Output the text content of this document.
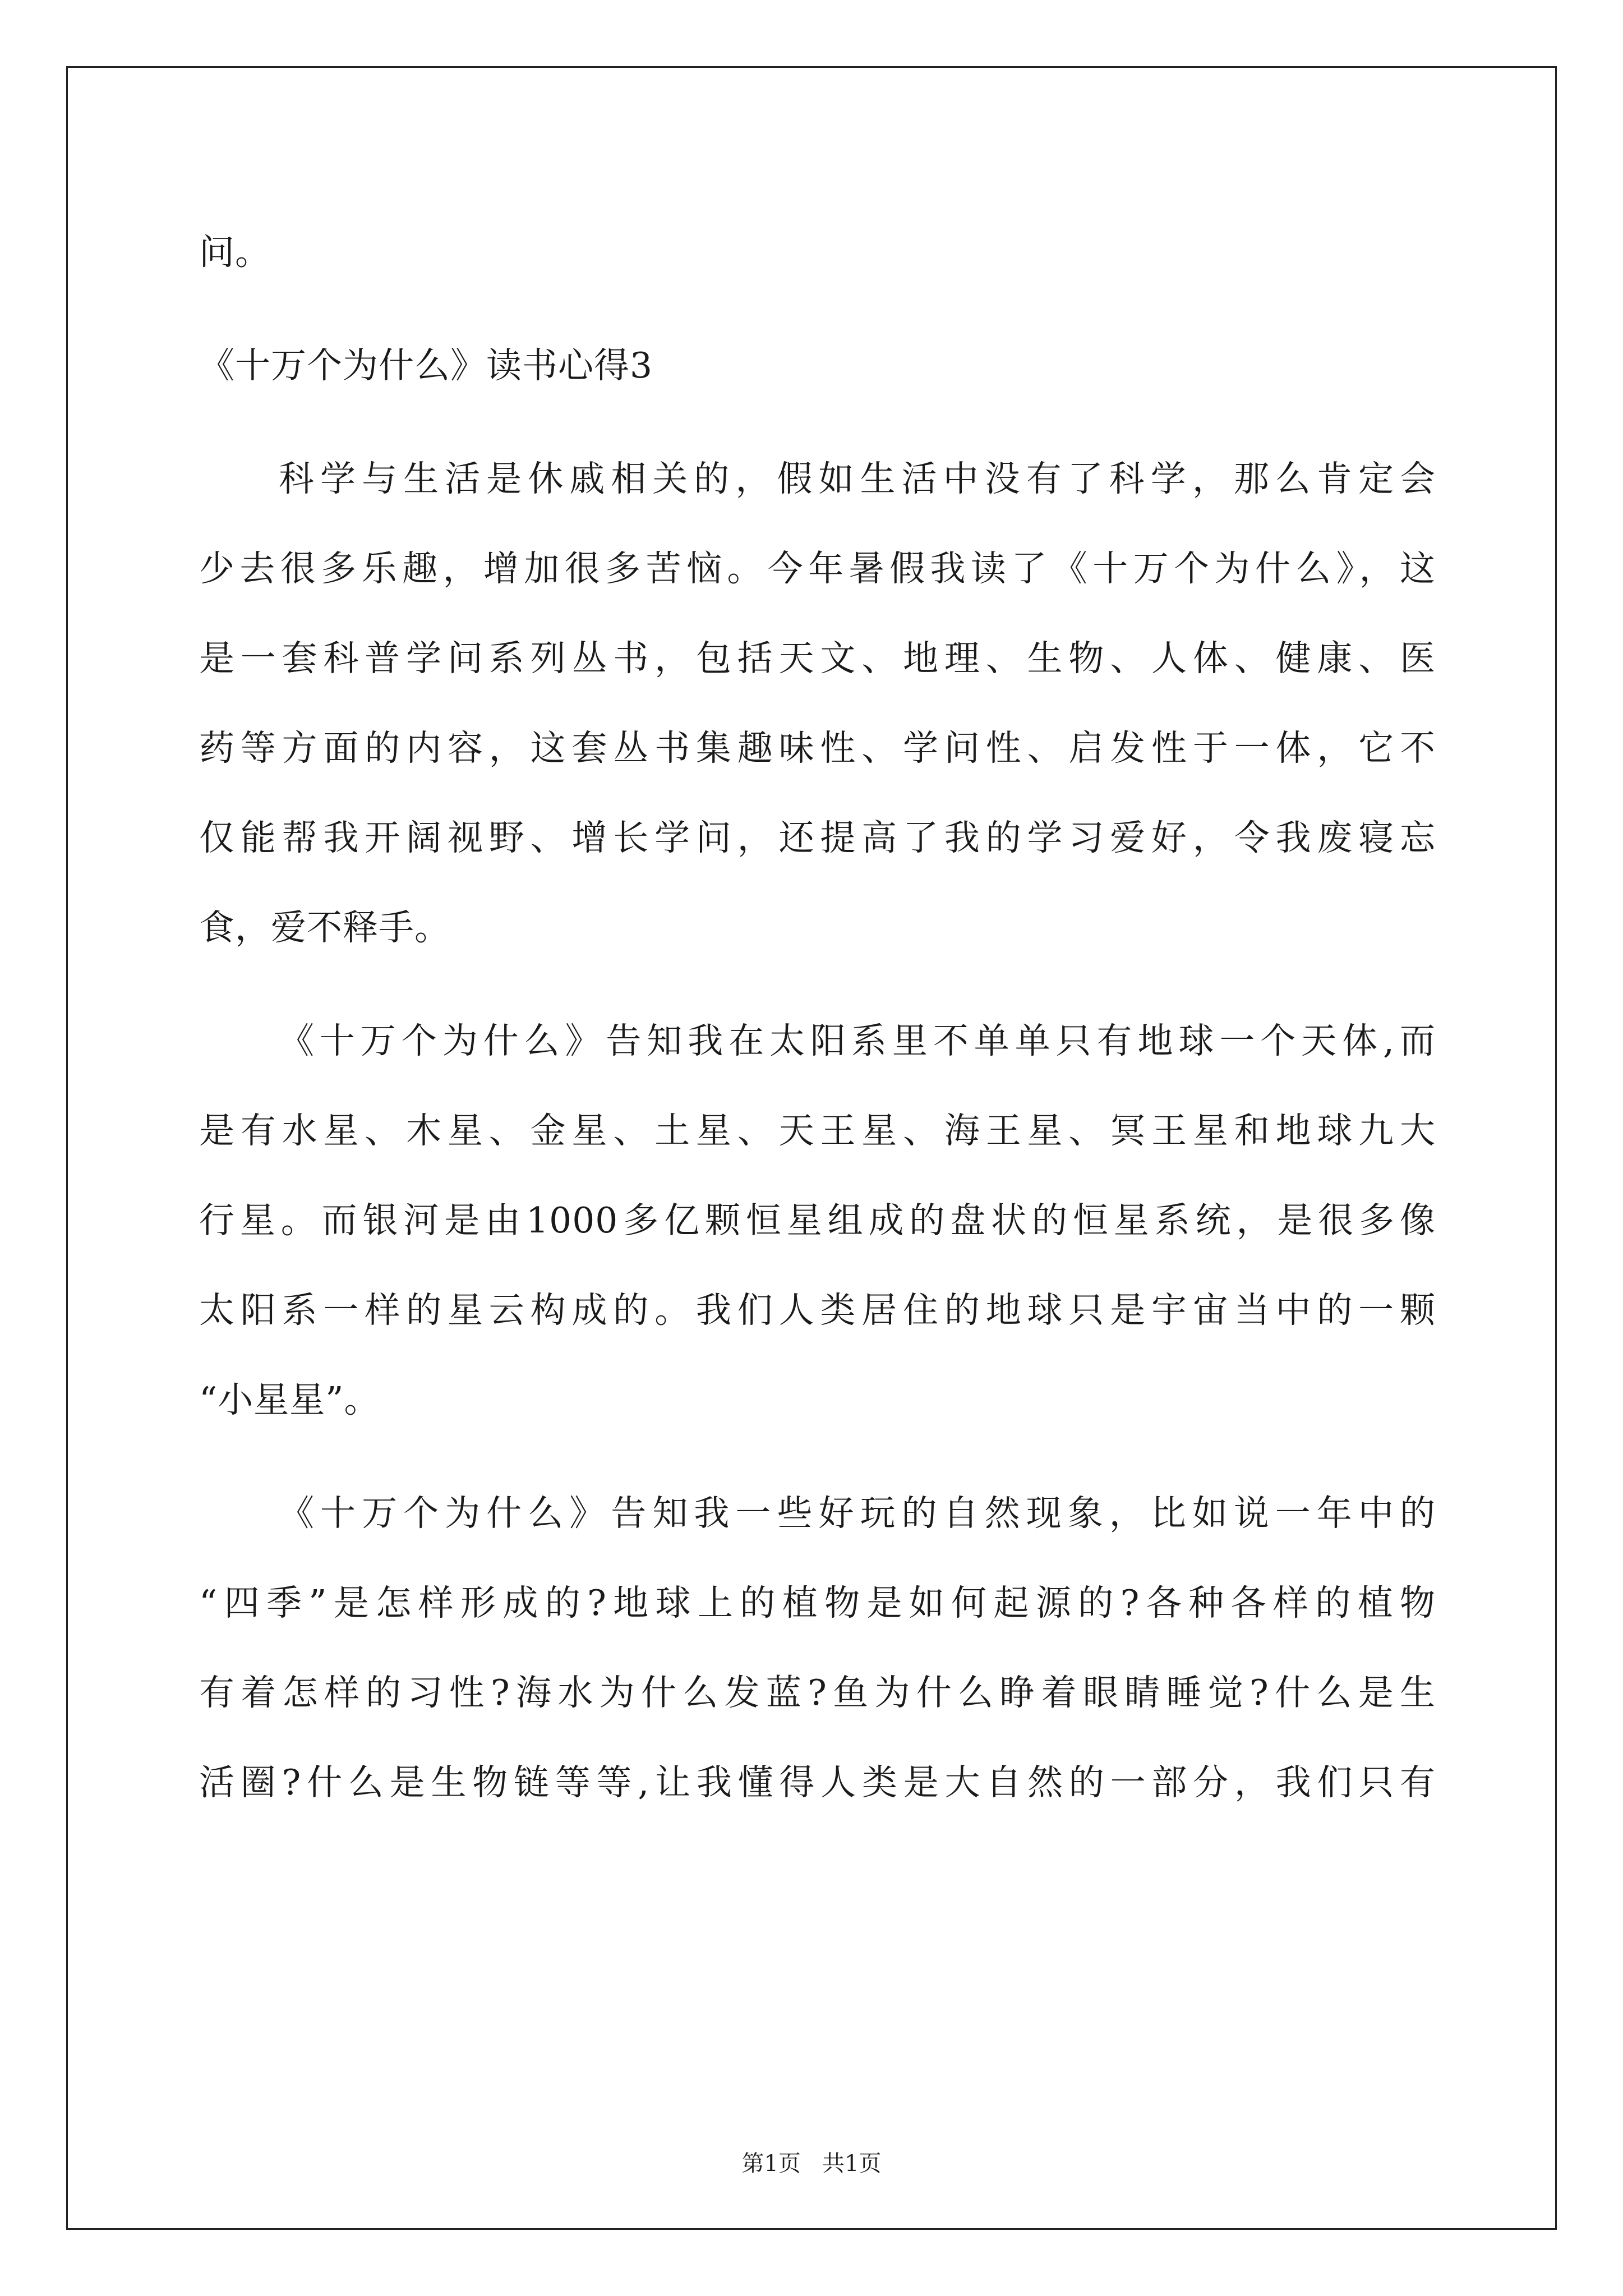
问。
《十万个为什么》读书心得3
科学与生活是休戚相关的，假如生活中没有了科学，那么肯定会
少去很多乐趣，增加很多苦恼。今年暑假我读了《十万个为什么》，这
是一套科普学问系列丛书，包括天文、地理、生物、人体、健康、医
药等方面的内容，这套丛书集趣味性、学问性、启发性于一体，它不
仅能帮我开阔视野、增长学问，还提高了我的学习爱好，令我废寝忘
食，爱不释手。
《十万个为什么》告知我在太阳系里不单单只有地球一个天体,而
是有水星、木星、金星、土星、天王星、海王星、冥王星和地球九大
行星。而银河是由1000多亿颗恒星组成的盘状的恒星系统，是很多像
太阳系一样的星云构成的。我们人类居住的地球只是宇宙当中的一颗
“小星星”。
《十万个为什么》告知我一些好玩的自然现象，比如说一年中的
“四季”是怎样形成的?地球上的植物是如何起源的?各种各样的植物
有着怎样的习性?海水为什么发蓝?鱼为什么睁着眼睛睡觉?什么是生
活圈?什么是生物链等等,让我懂得人类是大自然的一部分，我们只有
第1页   共1页
